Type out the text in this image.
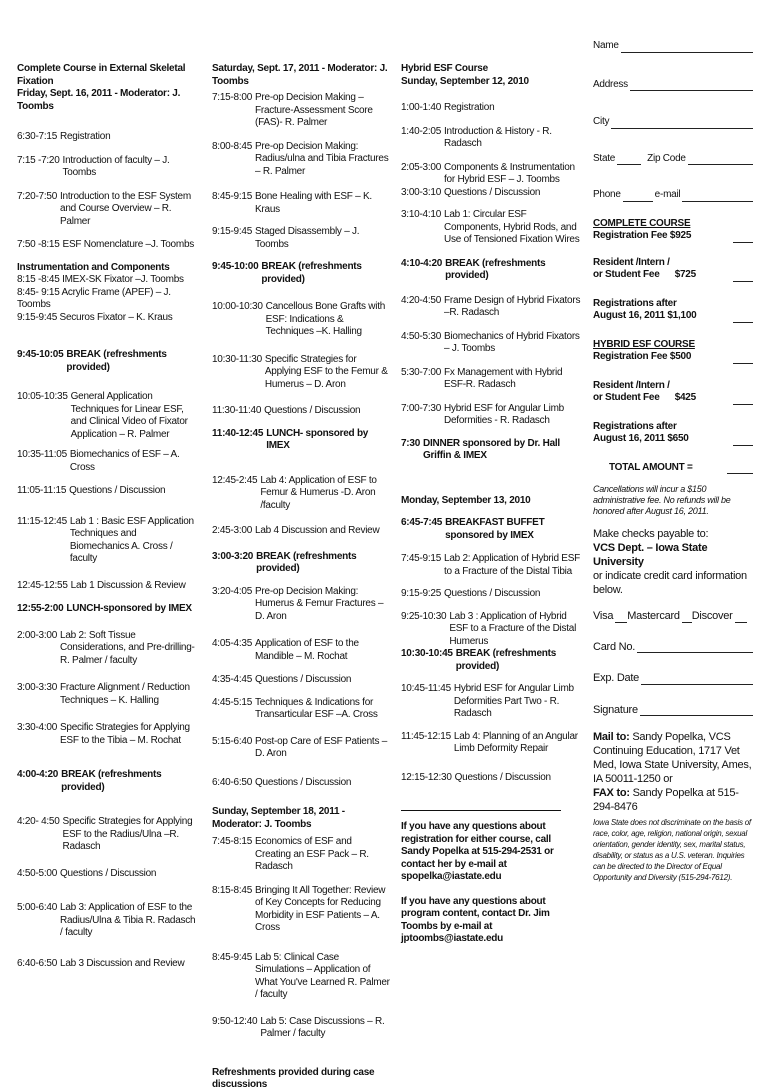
Complete Course in External Skeletal Fixation

Friday, Sept. 16, 2011 - Moderator: J. Toombs

6:30-7:15 Registration
7:15 -7:20 Introduction of faculty – J. Toombs
7:20-7:50 Introduction to the ESF System and Course Overview – R. Palmer
7:50 -8:15 ESF Nomenclature –J. Toombs

Instrumentation and Components

8:15 -8:45 IMEX-SK Fixator –J. Toombs

8:45- 9:15 Acrylic Frame (APEF) – J. Toombs

9:15-9:45 Securos Fixator – K. Kraus

9:45-10:05 BREAK (refreshments provided)
10:05-10:35 General Application Techniques for Linear ESF, and Clinical Video of Fixator Application – R. Palmer
10:35-11:05 Biomechanics of ESF – A. Cross
11:05-11:15 Questions / Discussion
11:15-12:45 Lab 1 : Basic ESF Application Techniques and Biomechanics A. Cross / faculty
12:45-12:55 Lab 1 Discussion & Review
12:55-2:00 LUNCH-sponsored by IMEX
2:00-3:00 Lab 2: Soft Tissue Considerations, and Pre-drilling- R. Palmer / faculty
3:00-3:30 Fracture Alignment / Reduction Techniques – K. Halling
3:30-4:00 Specific Strategies for Applying ESF to the Tibia – M. Rochat
4:00-4:20 BREAK (refreshments provided)
4:20- 4:50 Specific Strategies for Applying ESF to the Radius/Ulna –R. Radasch
4:50-5:00 Questions / Discussion
5:00-6:40 Lab 3: Application of ESF to the Radius/Ulna & Tibia R. Radasch / faculty
6:40-6:50 Lab 3 Discussion and Review

Saturday, Sept. 17, 2011 - Moderator: J. Toombs

7:15-8:00 Pre-op Decision Making – Fracture-Assessment Score (FAS)- R. Palmer
8:00-8:45 Pre-op Decision Making: Radius/ulna and Tibia Fractures – R. Palmer
8:45-9:15 Bone Healing with ESF – K. Kraus
9:15-9:45 Staged Disassembly – J. Toombs
9:45-10:00 BREAK (refreshments provided)
10:00-10:30 Cancellous Bone Grafts with ESF: Indications & Techniques –K. Halling
10:30-11:30 Specific Strategies for Applying ESF to the Femur & Humerus – D. Aron
11:30-11:40 Questions / Discussion
11:40-12:45 LUNCH- sponsored by IMEX
12:45-2:45 Lab 4: Application of ESF to Femur & Humerus -D. Aron /faculty
2:45-3:00 Lab 4 Discussion and Review
3:00-3:20 BREAK (refreshments provided)
3:20-4:05 Pre-op Decision Making: Humerus & Femur Fractures – D. Aron
4:05-4:35 Application of ESF to the Mandible – M. Rochat
4:35-4:45 Questions / Discussion
4:45-5:15 Techniques & Indications for Transarticular ESF –A. Cross
5:15-6:40 Post-op Care of ESF Patients –D. Aron
6:40-6:50 Questions / Discussion

Sunday, September 18, 2011 -Moderator: J. Toombs

7:45-8:15 Economics of ESF and Creating an ESF Pack – R. Radasch
8:15-8:45 Bringing It All Together: Review of Key Concepts for Reducing Morbidity in ESF Patients – A. Cross
8:45-9:45 Lab 5: Clinical Case Simulations – Application of What You've Learned R. Palmer / faculty
9:50-12:40 Lab 5: Case Discussions – R. Palmer / faculty

Refreshments provided during case discussions

Hybrid ESF Course

Sunday, September 12, 2010

1:00-1:40 Registration
1:40-2:05 Introduction & History - R. Radasch
2:05-3:00 Components & Instrumentation for Hybrid ESF – J. Toombs
3:00-3:10 Questions / Discussion
3:10-4:10 Lab 1: Circular ESF Components, Hybrid Rods, and Use of Tensioned Fixation Wires
4:10-4:20 BREAK (refreshments provided)
4:20-4:50 Frame Design of Hybrid Fixators –R. Radasch
4:50-5:30 Biomechanics of Hybrid Fixators – J. Toombs
5:30-7:00 Fx Management with Hybrid ESF-R. Radasch
7:00-7:30 Hybrid ESF for Angular Limb Deformities - R. Radasch
7:30 DINNER sponsored by Dr. Hall Griffin & IMEX

Monday, September 13, 2010

6:45-7:45 BREAKFAST BUFFET sponsored by IMEX
7:45-9:15 Lab 2: Application of Hybrid ESF to a Fracture of the Distal Tibia
9:15-9:25 Questions / Discussion
9:25-10:30 Lab 3 : Application of Hybrid ESF to a Fracture of the Distal Humerus
10:30-10:45 BREAK (refreshments provided)
10:45-11:45 Hybrid ESF for Angular Limb Deformities Part Two - R. Radasch
11:45-12:15 Lab 4: Planning of an Angular Limb Deformity Repair
12:15-12:30 Questions / Discussion

If you have any questions about registration for either course, call Sandy Popelka at 515-294-2531 or contact her by e-mail at spopelka@iastate.edu

If you have any questions about program content, contact Dr. Jim Toombs by e-mail at jptoombs@iastate.edu

Name
Address
City
State	Zip Code
Phone	e-mail

COMPLETE COURSE

Registration Fee $925

Resident /Intern /

or Student Fee $725

Registrations after

August 16, 2011 $1,100

HYBRID ESF COURSE

Registration Fee $500

Resident /Intern /

or Student Fee $425

Registrations after

August 16, 2011 $650
TOTAL AMOUNT =

Cancellations will incur a $150 administrative fee. No refunds will be honored after August 16, 2011.

Make checks payable to:

VCS Dept. – Iowa State University

or indicate credit card information below.

Visa Mastercard Discover
Card No.
Exp. Date
Signature

Mail to: Sandy Popelka, VCS Continuing Education, 1717 Vet Med, Iowa State University, Ames, IA 50011-1250 or

FAX to: Sandy Popelka at 515-294-8476

Iowa State does not discriminate on the basis of race, color, age, religion, national origin, sexual orientation, gender identity, sex, marital status, disability, or status as a U.S. veteran. Inquiries can be directed to the Director of Equal Opportunity and Diversity (515-294-7612).
